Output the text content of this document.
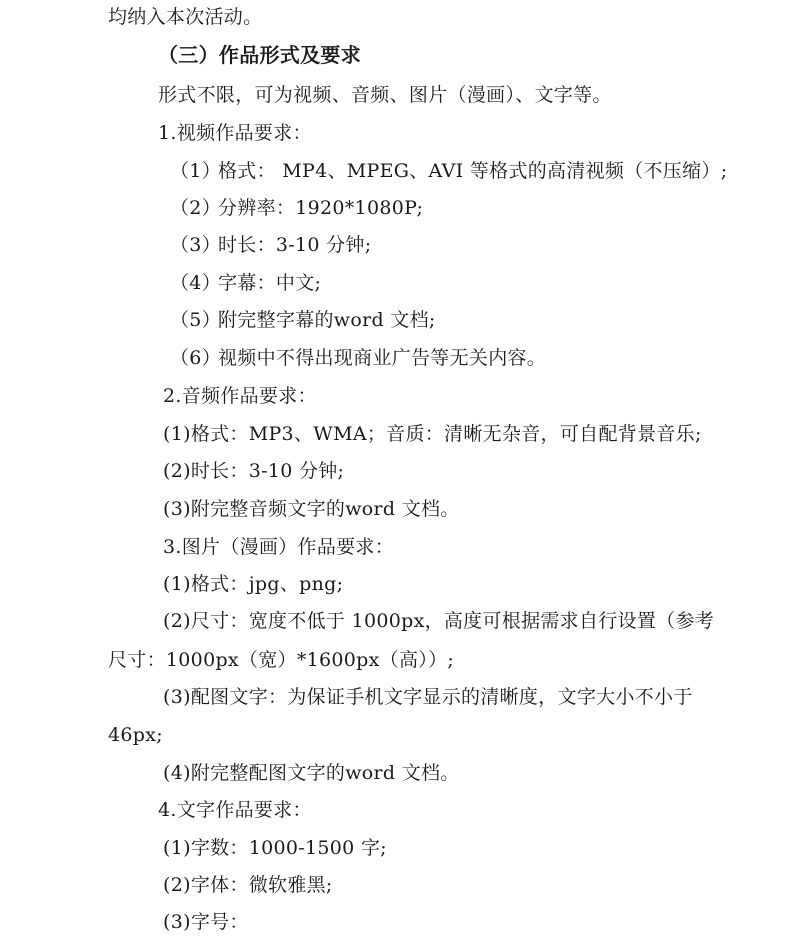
均纳入本次活动。
（三）作品形式及要求
形式不限，可为视频、音频、图片（漫画）、文字等。
1.视频作品要求：
（1）格式： MP4、MPEG、AVI 等格式的高清视频（不压缩）;
（2）分辨率：1920*1080P;
（3）时长：3-10 分钟;
（4）字幕：中文;
（5）附完整字幕的word 文档;
（6）视频中不得出现商业广告等无关内容。
2.音频作品要求：
(1)格式：MP3、WMA；音质：清晰无杂音，可自配背景音乐;
(2)时长：3-10 分钟;
(3)附完整音频文字的word 文档。
3.图片（漫画）作品要求：
(1)格式：jpg、png;
(2)尺寸：宽度不低于 1000px，高度可根据需求自行设置（参考
尺寸：1000px（宽）*1600px（高））;
(3)配图文字：为保证手机文字显示的清晰度，文字大小不小于
46px;
(4)附完整配图文字的word 文档。
4.文字作品要求：
(1)字数：1000-1500 字;
(2)字体：微软雅黑;
(3)字号：
